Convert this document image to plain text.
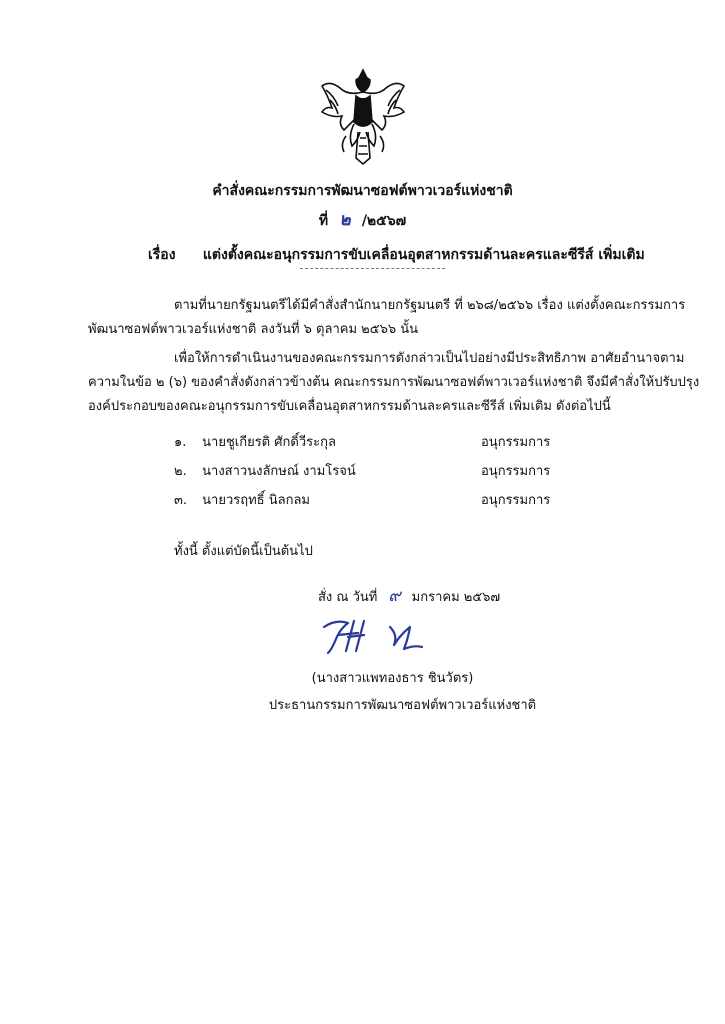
คำสั่งคณะกรรมการพัฒนาซอฟต์พาวเวอร์แห่งชาติ
ที่ ๒ /๒๕๖๗
เรื่อง แต่งตั้งคณะอนุกรรมการขับเคลื่อนอุตสาหกรรมด้านละครและซีรีส์ เพิ่มเติม
ตามที่นายกรัฐมนตรีได้มีคำสั่งสำนักนายกรัฐมนตรี ที่ ๒๖๘/๒๕๖๖ เรื่อง แต่งตั้งคณะกรรมการ
พัฒนาซอฟต์พาวเวอร์แห่งชาติ ลงวันที่ ๖ ตุลาคม ๒๕๖๖ นั้น
เพื่อให้การดำเนินงานของคณะกรรมการดังกล่าวเป็นไปอย่างมีประสิทธิภาพ อาศัยอำนาจตาม
ความในข้อ ๒ (๖) ของคำสั่งดังกล่าวข้างต้น คณะกรรมการพัฒนาซอฟต์พาวเวอร์แห่งชาติ จึงมีคำสั่งให้ปรับปรุง
องค์ประกอบของคณะอนุกรรมการขับเคลื่อนอุตสาหกรรมด้านละครและซีรีส์ เพิ่มเติม ดังต่อไปนี้
๑. นายชูเกียรติ ศักดิ์วีระกุล	อนุกรรมการ
๒. นางสาวนงลักษณ์ งามโรจน์	อนุกรรมการ
๓. นายวรฤทธิ์ นิลกลม	อนุกรรมการ
ทั้งนี้ ตั้งแต่บัดนี้เป็นต้นไป
สั่ง ณ วันที่ ๙ มกราคม ๒๕๖๗
(นางสาวแพทองธาร ชินวัตร)
ประธานกรรมการพัฒนาซอฟต์พาวเวอร์แห่งชาติ
